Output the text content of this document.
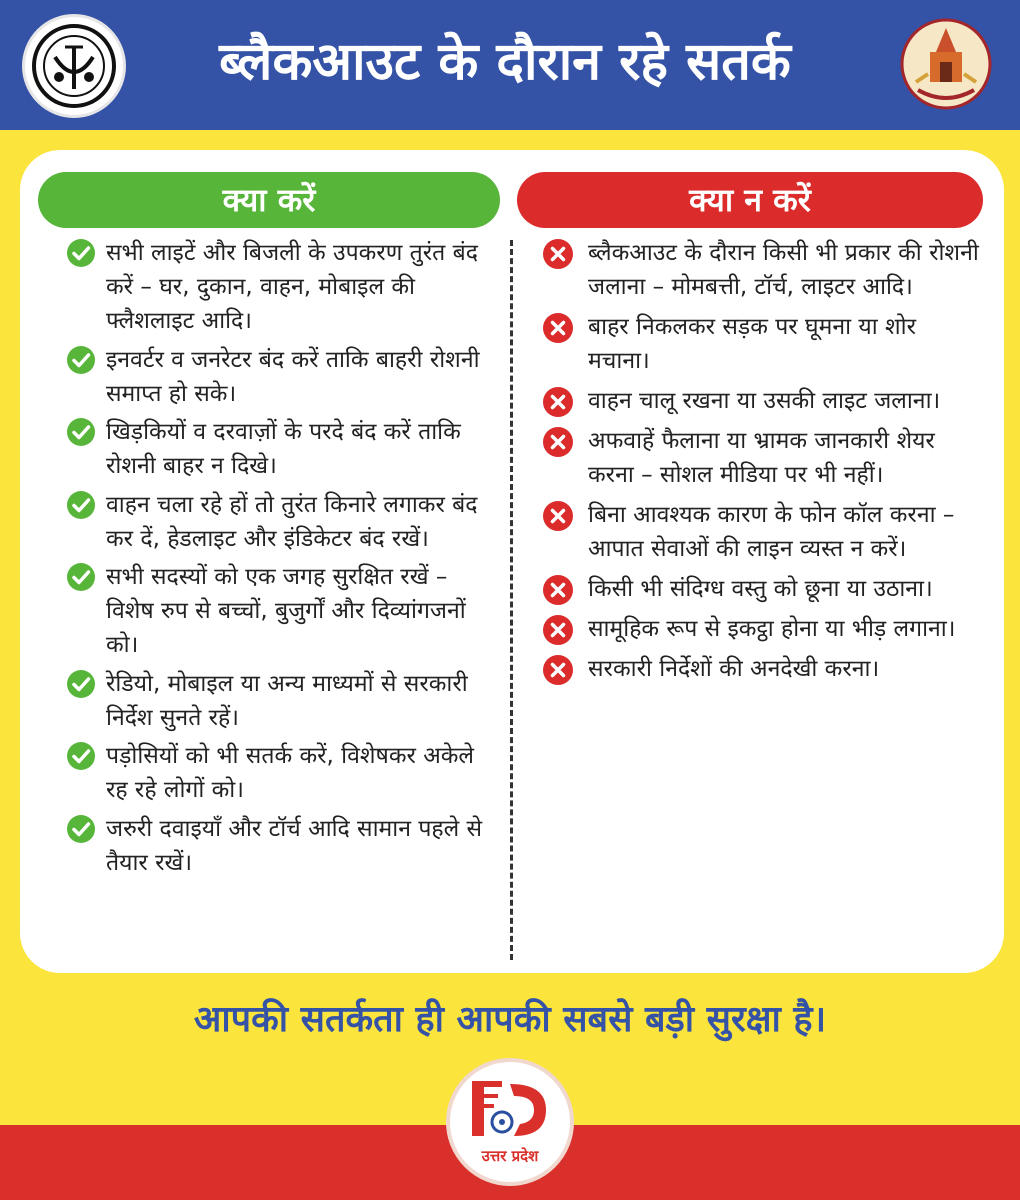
ब्लैकआउट के दौरान रहे सतर्क
क्या करें	क्या न करें
सभी लाइटें और बिजली के उपकरण तुरंत बंद करें – घर, दुकान, वाहन, मोबाइल की फ्लैशलाइट आदि।
इनवर्टर व जनरेटर बंद करें ताकि बाहरी रोशनी समाप्त हो सके।
खिड़कियों व दरवाज़ों के परदे बंद करें ताकि रोशनी बाहर न दिखे।
वाहन चला रहे हों तो तुरंत किनारे लगाकर बंद कर दें, हेडलाइट और इंडिकेटर बंद रखें।
सभी सदस्यों को एक जगह सुरक्षित रखें – विशेष रुप से बच्चों, बुजुर्गों और दिव्यांगजनों को।
रेडियो, मोबाइल या अन्य माध्यमों से सरकारी निर्देश सुनते रहें।
पड़ोसियों को भी सतर्क करें, विशेषकर अकेले रह रहे लोगों को।
जरुरी दवाइयाँ और टॉर्च आदि सामान पहले से तैयार रखें।
ब्लैकआउट के दौरान किसी भी प्रकार की रोशनी जलाना – मोमबत्ती, टॉर्च, लाइटर आदि।
बाहर निकलकर सड़क पर घूमना या शोर मचाना।
वाहन चालू रखना या उसकी लाइट जलाना।
अफवाहें फैलाना या भ्रामक जानकारी शेयर करना – सोशल मीडिया पर भी नहीं।
बिना आवश्यक कारण के फोन कॉल करना – आपात सेवाओं की लाइन व्यस्त न करें।
किसी भी संदिग्ध वस्तु को छूना या उठाना।
सामूहिक रूप से इकट्ठा होना या भीड़ लगाना।
सरकारी निर्देशों की अनदेखी करना।

आपकी सतर्कता ही आपकी सबसे बड़ी सुरक्षा है।

उत्तर प्रदेश
